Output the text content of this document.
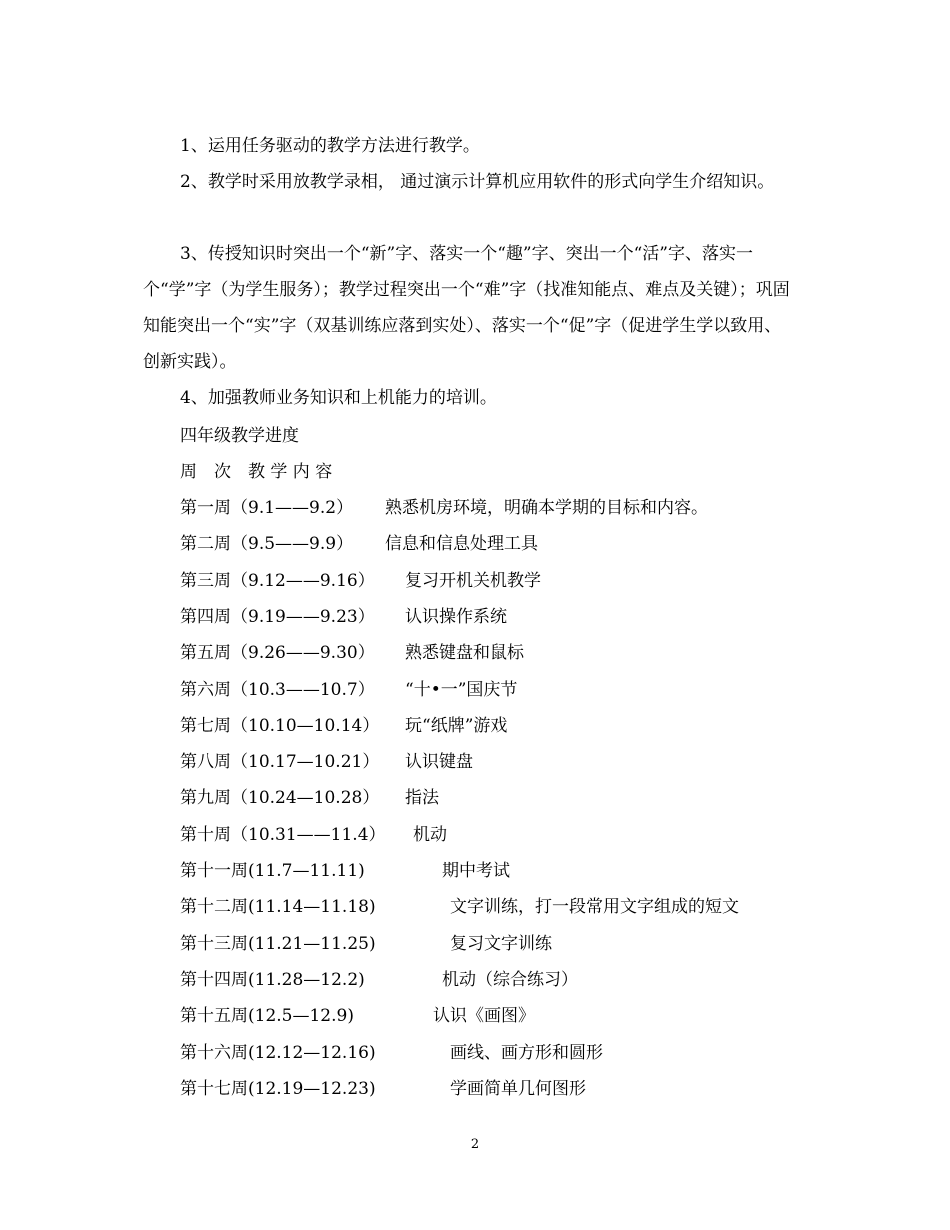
1、运用任务驱动的教学方法进行教学。

2、教学时采用放教学录相， 通过演示计算机应用软件的形式向学生介绍知识。

3、传授知识时突出一个“新”字、落实一个“趣”字、突出一个“活”字、落实一个“学”字（为学生服务）；教学过程突出一个“难”字（找准知能点、难点及关键）；巩固知能突出一个“实”字（双基训练应落到实处）、落实一个“促”字（促进学生学以致用、创新实践）。

4、加强教师业务知识和上机能力的培训。

四年级教学进度
周　次　教 学 内 容
第一周（9.1——9.2） 熟悉机房环境，明确本学期的目标和内容。
第二周（9.5——9.9） 信息和信息处理工具
第三周（9.12——9.16） 复习开机关机教学
第四周（9.19——9.23） 认识操作系统
第五周（9.26——9.30） 熟悉键盘和鼠标
第六周（10.3——10.7） “十•一”国庆节
第七周（10.10—10.14） 玩“纸牌”游戏
第八周（10.17—10.21） 认识键盘
第九周（10.24—10.28） 指法
第十周（10.31——11.4） 机动
第十一周(11.7—11.11)	期中考试
第十二周(11.14—11.18)	文字训练，打一段常用文字组成的短文
第十三周(11.21—11.25)	复习文字训练
第十四周(11.28—12.2)	机动（综合练习）
第十五周(12.5—12.9)	认识《画图》
第十六周(12.12—12.16)	画线、画方形和圆形
第十七周(12.19—12.23)	学画简单几何图形
2
